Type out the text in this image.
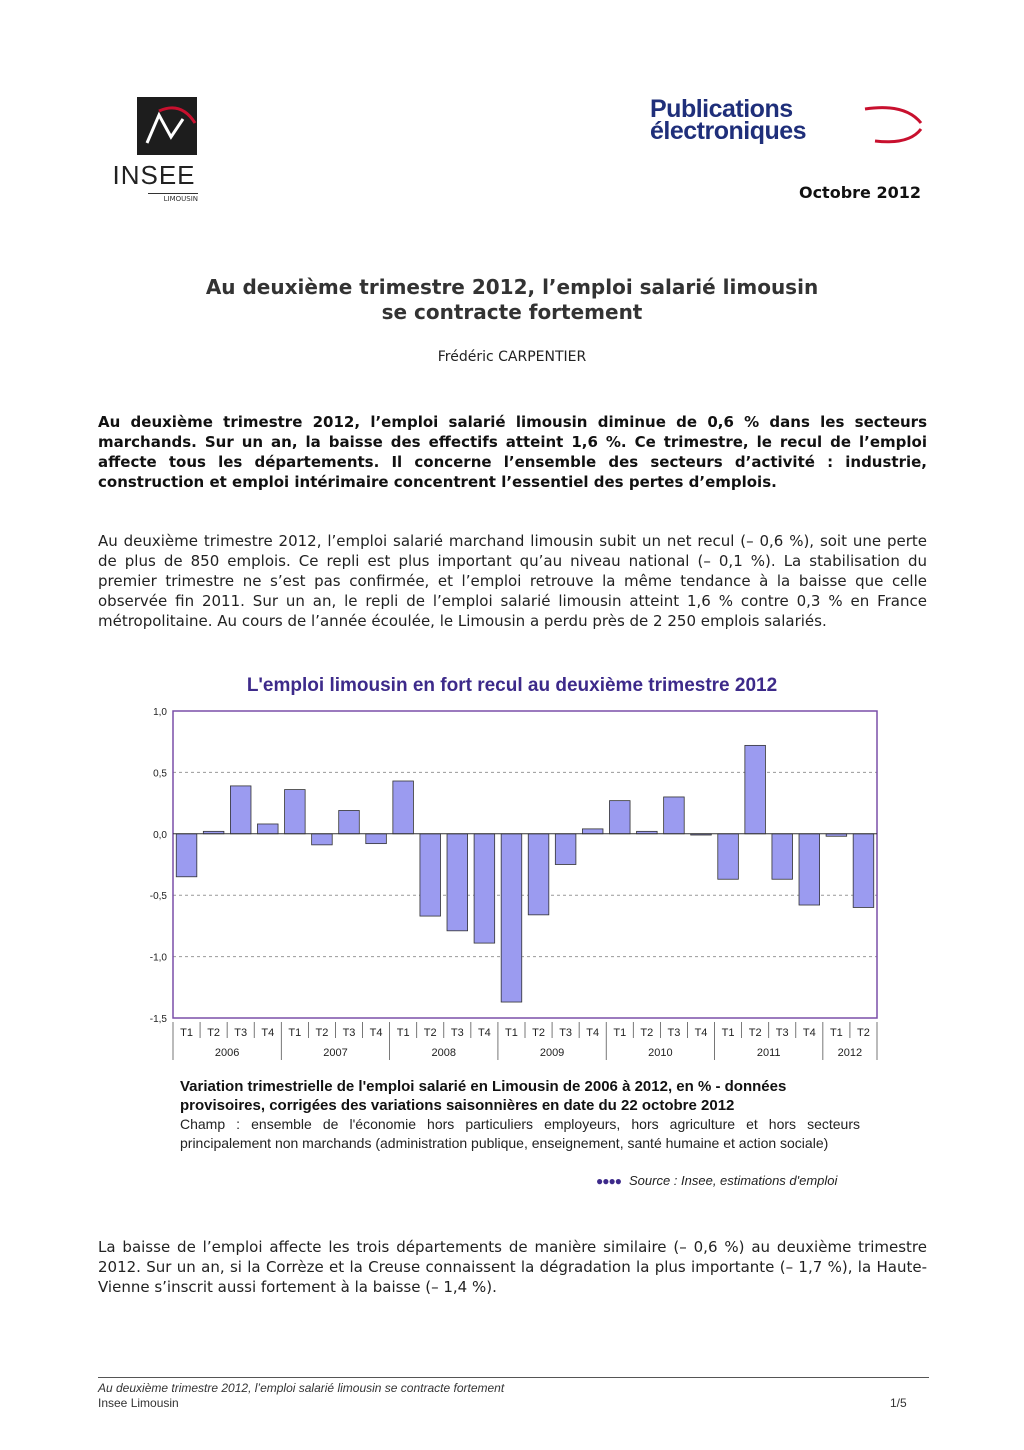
INSEE
LIMOUSIN
Publications
électroniques
Octobre 2012
Au deuxième trimestre 2012, l’emploi salarié limousin
se contracte fortement
Frédéric CARPENTIER
Au deuxième trimestre 2012, l’emploi salarié limousin diminue de 0,6 % dans les secteurs marchands. Sur un an, la baisse des effectifs atteint 1,6 %. Ce trimestre, le recul de l’emploi affecte tous les départements. Il concerne l’ensemble des secteurs d’activité : industrie, construction et emploi intérimaire concentrent l’essentiel des pertes d’emplois.
Au deuxième trimestre 2012, l’emploi salarié marchand limousin subit un net recul (– 0,6 %), soit une perte de plus de 850 emplois. Ce repli est plus important qu’au niveau national (– 0,1 %). La stabilisation du premier trimestre ne s’est pas confirmée, et l’emploi retrouve la même tendance à la baisse que celle observée fin 2011. Sur un an, le repli de l’emploi salarié limousin atteint 1,6 % contre 0,3 % en France métropolitaine. Au cours de l’année écoulée, le Limousin a perdu près de 2 250 emplois salariés.
L'emploi limousin en fort recul au deuxième trimestre 2012
1,0
0,5
0,0
-0,5
-1,0
-1,5
T1 T2 T3 T4 T1 T2 T3 T4 T1 T2 T3 T4 T1 T2 T3 T4 T1 T2 T3 T4 T1 T2 T3 T4 T1 T2
2006	2007	2008	2009	2010	2011	2012
Variation trimestrielle de l'emploi salarié en Limousin de 2006 à 2012, en % - données provisoires, corrigées des variations saisonnières en date du 22 octobre 2012
Champ : ensemble de l'économie hors particuliers employeurs, hors agriculture et hors secteurs principalement non marchands (administration publique, enseignement, santé humaine et action sociale)
●●●● Source : Insee, estimations d'emploi
La baisse de l’emploi affecte les trois départements de manière similaire (– 0,6 %) au deuxième trimestre 2012. Sur un an, si la Corrèze et la Creuse connaissent la dégradation la plus importante (– 1,7 %), la Haute-Vienne s’inscrit aussi fortement à la baisse (– 1,4 %).
Au deuxième trimestre 2012, l’emploi salarié limousin se contracte fortement
Insee Limousin	1/5
